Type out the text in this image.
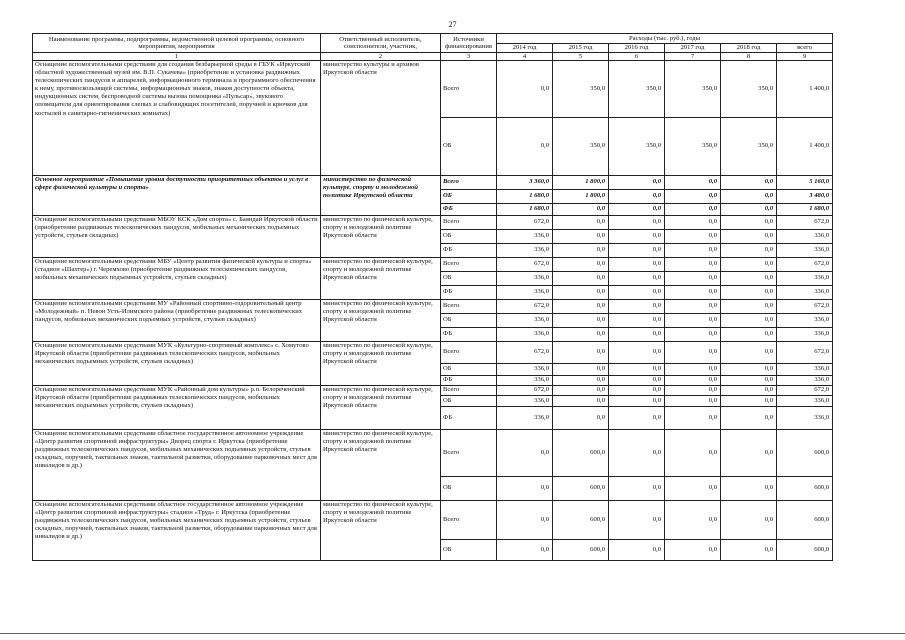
27
Наименование программы, подпрограммы, ведомственной целевой программы, основного мероприятия, мероприятия	Ответственный исполнитель, соисполнители, участник,	Источники финансирования	Расходы (тыс. руб.), годы					
			2014 год	2015 год	2016 год	2017 год	2018 год	всего
1	2	3	4	5	6	7	8	9
Оснащение вспомогательными средствами для создания безбарьерной среды в ГБУК «Иркутский областной художественный музей им. В.П. Сукачева» (приобретение и установка раздвижных телескопических пандусов и аппарелей, информационного терминала и программного обеспечения к нему, противоскользящей системы, информационных знаков, знаков доступности объекта, индукционных систем, беспроводной системы вызова помощника «Пульсар», звукового оповещателя для ориентирования слепых и слабовидящих посетителей, поручней и крючков для костылей в санитарно-гигиенических комнатах)	министерство культуры и архивов Иркутской области	Всего	0,0	350,0	350,0	350,0	350,0	1 400,0
		ОБ	0,0	350,0	350,0	350,0	350,0	1 400,0
Основное мероприятие «Повышение уровня доступности приоритетных объектов и услуг в сфере физической культуры и спорта»	министерство по физической культуре, спорту и молодежной политике Иркутской области	Всего	3 360,0	1 800,0	0,0	0,0	0,0	5 160,0
		ОБ	1 680,0	1 800,0	0,0	0,0	0,0	3 480,0
		ФБ	1 680,0	0,0	0,0	0,0	0,0	1 680,0
Оснащение вспомогательными средствами МБОУ КСК «Дом спорта» с. Баяндай Иркутской области (приобретение раздвижных телескопических пандусов, мобильных механических подъемных устройств, стульев складных)	министерство по физической культуре, спорту и молодежной политике Иркутской области	Всего	672,0	0,0	0,0	0,0	0,0	672,0
		ОБ	336,0	0,0	0,0	0,0	0,0	336,0
		ФБ	336,0	0,0	0,0	0,0	0,0	336,0
Оснащение вспомогательными средствами МБУ «Центр развития физической культуры и спорта» (стадион «Шахтер») г. Черемхово (приобретение раздвижных телескопических пандусов, мобильных механических подъемных устройств, стульев складных)	министерство по физической культуре, спорту и молодежной политике Иркутской области	Всего	672,0	0,0	0,0	0,0	0,0	672,0
		ОБ	336,0	0,0	0,0	0,0	0,0	336,0
		ФБ	336,0	0,0	0,0	0,0	0,0	336,0
Оснащение вспомогательными средствами МУ «Районный спортивно-оздоровительный центр «Молодежный» п. Невон Усть-Илимского района (приобретение раздвижных телескопических пандусов, мобильных механических подъемных устройств, стульев складных)	министерство по физической культуре, спорту и молодежной политике Иркутской области	Всего	672,0	0,0	0,0	0,0	0,0	672,0
		ОБ	336,0	0,0	0,0	0,0	0,0	336,0
		ФБ	336,0	0,0	0,0	0,0	0,0	336,0
Оснащение вспомогательными средствами МУК «Культурно-спортивный комплекс» с. Хомутово Иркутской области (приобретение раздвижных телескопических пандусов, мобильных механических подъемных устройств, стульев складных)	министерство по физической культуре, спорту и молодежной политике Иркутской области	Всего	672,0	0,0	0,0	0,0	0,0	672,0
		ОБ	336,0	0,0	0,0	0,0	0,0	336,0
		ФБ	336,0	0,0	0,0	0,0	0,0	336,0
Оснащение вспомогательными средствами МУК «Районный дом культуры» р.п. Белореченский Иркутской области (приобретение раздвижных телескопических пандусов, мобильных механических подъемных устройств, стульев складных)	министерство по физической культуре, спорту и молодежной политике Иркутской области	Всего	672,0	0,0	0,0	0,0	0,0	672,0
		ОБ	336,0	0,0	0,0	0,0	0,0	336,0
		ФБ	336,0	0,0	0,0	0,0	0,0	336,0
Оснащение вспомогательными средствами областное государственное автономное учреждение «Центр развития спортивной инфраструктуры» Дворец спорта г. Иркутска (приобретение раздвижных телескопических пандусов, мобильных механических подъемных устройств, стульев складных, поручней, тактильных знаков, тактильной разметки, оборудование парковочных мест для инвалидов и др.)	министерство по физической культуре, спорту и молодежной политике Иркутской области	Всего	0,0	600,0	0,0	0,0	0,0	600,0
		ОБ	0,0	600,0	0,0	0,0	0,0	600,0
Оснащение вспомогательными средствами областное государственное автономное учреждение «Центр развития спортивной инфраструктуры» стадион «Труд» г. Иркутска (приобретение раздвижных телескопических пандусов, мобильных механических подъемных устройств, стульев складных, поручней, тактильных знаков, тактильной разметки, оборудование парковочных мест для инвалидов и др.)	министерство по физической культуре, спорту и молодежной политике Иркутской области	Всего	0,0	600,0	0,0	0,0	0,0	600,0
		ОБ	0,0	600,0	0,0	0,0	0,0	600,0
